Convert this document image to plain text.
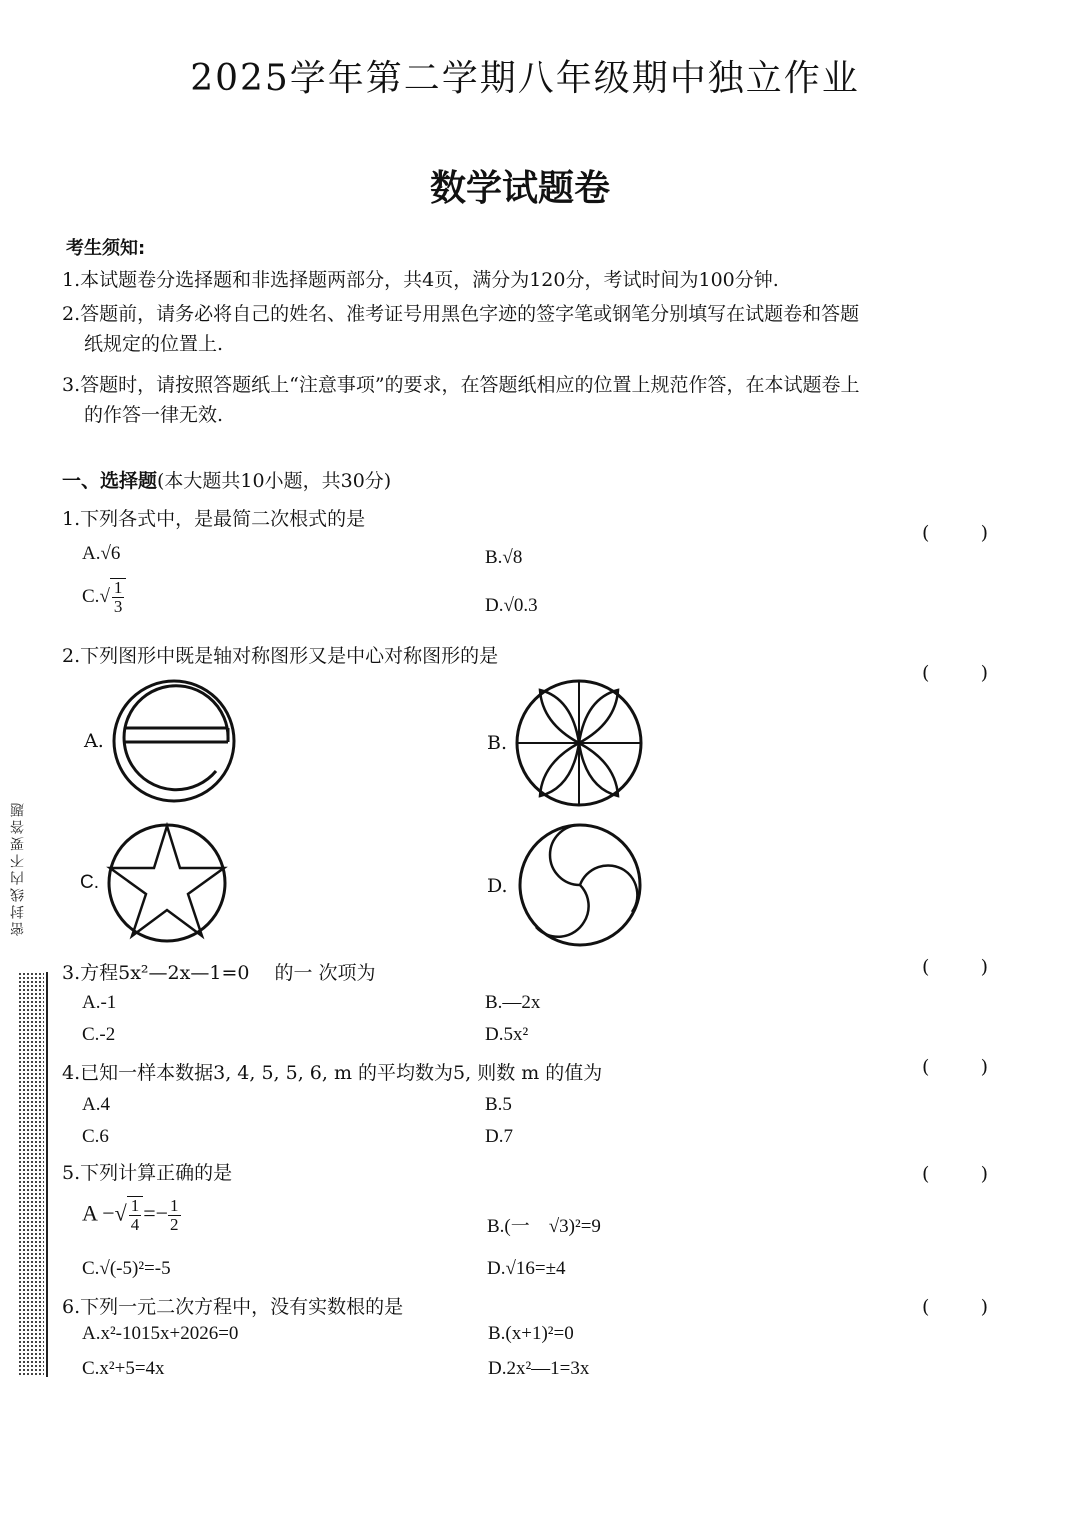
2025学年第二学期八年级期中独立作业
数学试题卷
考生须知:
1.本试题卷分选择题和非选择题两部分，共4页，满分为120分，考试时间为100分钟.
2.答题前，请务必将自己的姓名、准考证号用黑色字迹的签字笔或钢笔分别填写在试题卷和答题
纸规定的位置上.
3.答题时，请按照答题纸上“注意事项”的要求，在答题纸相应的位置上规范作答，在本试题卷上
的作答一律无效.
一、选择题(本大题共10小题，共30分)
1.下列各式中，是最简二次根式的是
(	)
A.√6	B.√8
$C.√ \frac{1}{3}$	D.√0.3
2.下列图形中既是轴对称图形又是中心对称图形的是
(	)
A.	B.
C.	D.
3.方程5x²—2x—1=0　 的一 次项为	(	)
A.-1	B.—2x
C.-2	D.5x²
4.已知一样本数据3, 4, 5, 5, 6, m 的平均数为5, 则数 m 的值为	(	)
A.4	B.5
C.6	D.7
5.下列计算正确的是	(	)
A −√ $\frac{1}{4} =- \frac{1}{2}$	B.(一　√3)²=9
C.√(-5)²=-5	D.√16=±4
6.下列一元二次方程中，没有实数根的是	(	)
A.x²-1015x+2026=0	B.(x+1)²=0
C.x²+5=4x	D.2x²—1=3x
密封线内不要答题
